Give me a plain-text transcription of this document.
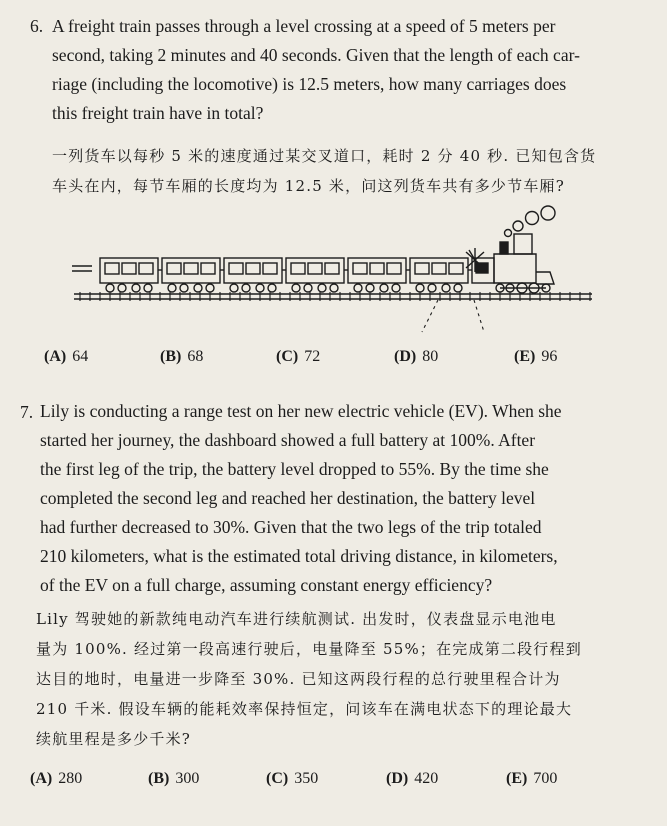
6. A freight train passes through a level crossing at a speed of 5 meters per
second, taking 2 minutes and 40 seconds. Given that the length of each car-
riage (including the locomotive) is 12.5 meters, how many carriages does
this freight train have in total?
一列货车以每秒 5 米的速度通过某交叉道口，耗时 2 分 40 秒. 已知包含货
车头在内，每节车厢的长度均为 12.5 米，问这列货车共有多少节车厢?
(A) 64	(B) 68	(C) 72	(D) 80	(E) 96
7. Lily is conducting a range test on her new electric vehicle (EV). When she
started her journey, the dashboard showed a full battery at 100%. After
the first leg of the trip, the battery level dropped to 55%. By the time she
completed the second leg and reached her destination, the battery level
had further decreased to 30%. Given that the two legs of the trip totaled
210 kilometers, what is the estimated total driving distance, in kilometers,
of the EV on a full charge, assuming constant energy efficiency?
Lily 驾驶她的新款纯电动汽车进行续航测试. 出发时，仪表盘显示电池电
量为 100%. 经过第一段高速行驶后，电量降至 55%；在完成第二段行程到
达目的地时，电量进一步降至 30%. 已知这两段行程的总行驶里程合计为
210 千米. 假设车辆的能耗效率保持恒定，问该车在满电状态下的理论最大
续航里程是多少千米?
(A) 280	(B) 300	(C) 350	(D) 420	(E) 700
